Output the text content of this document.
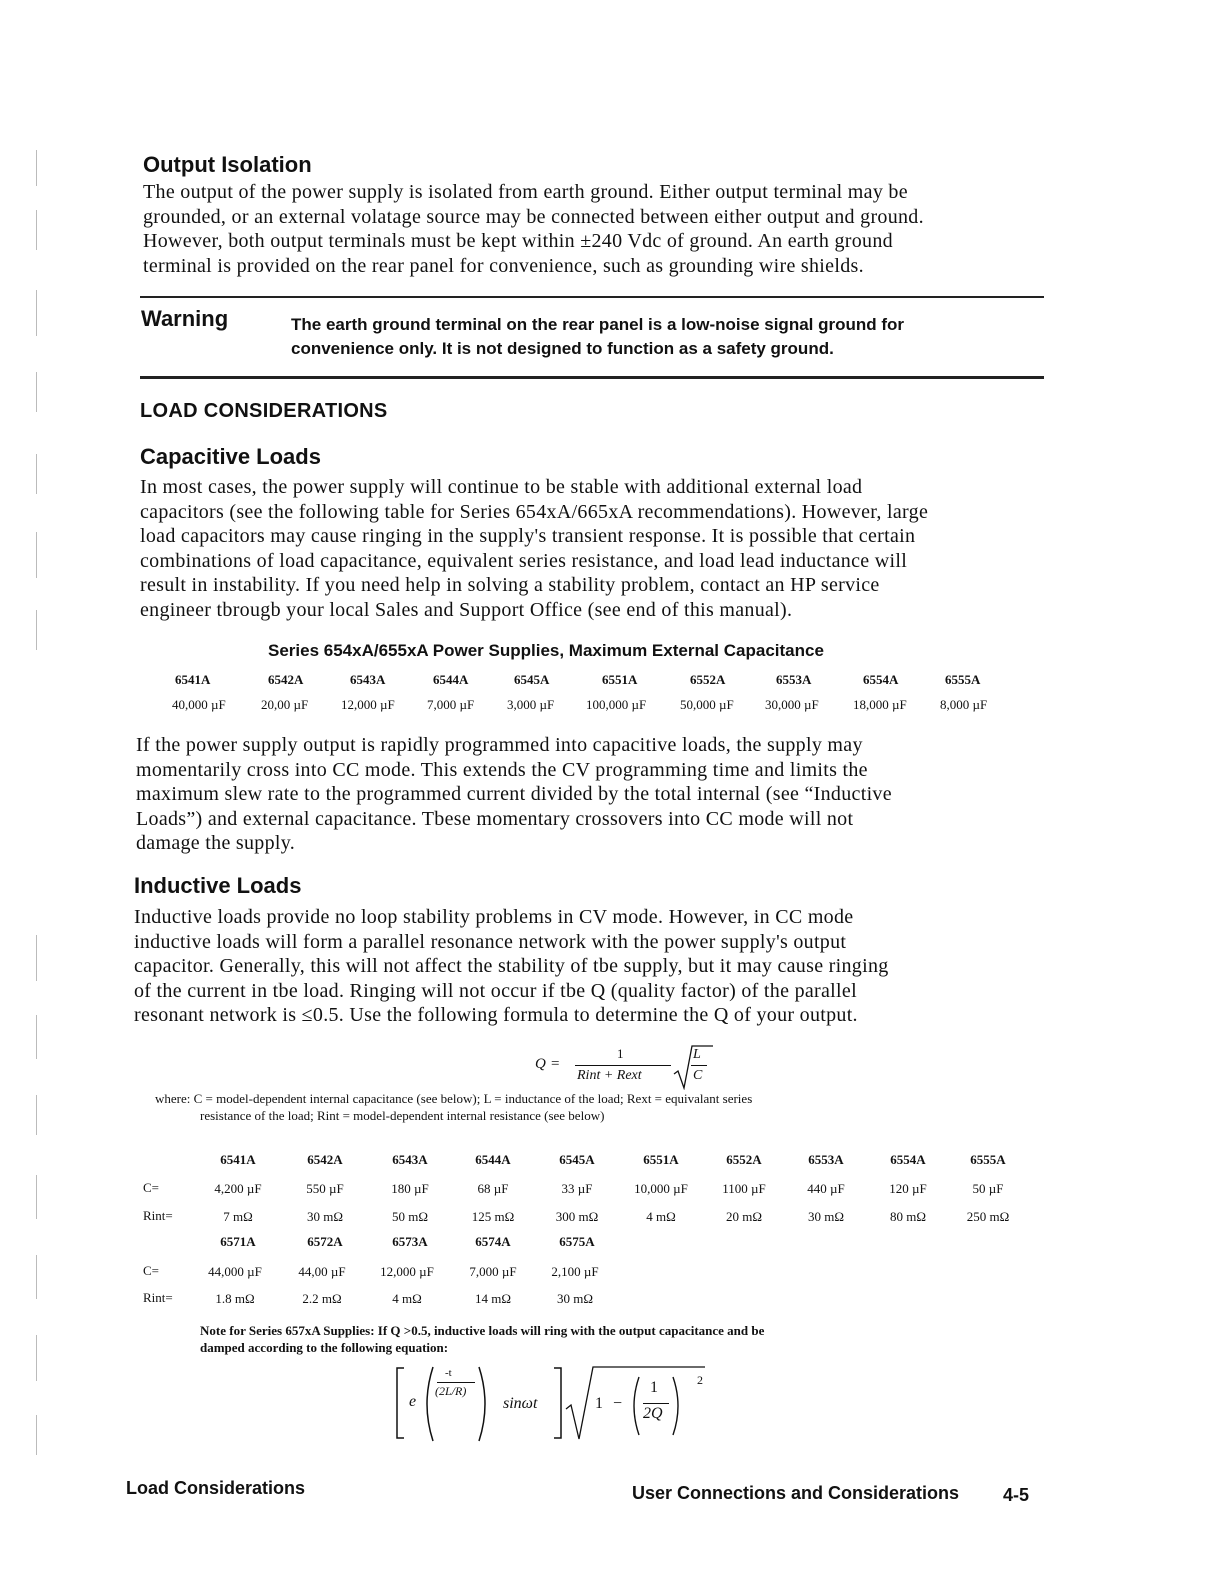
Output Isolation

The output of the power supply is isolated from earth ground. Either output terminal may be

grounded, or an external volatage source may be connected between either output and ground.

However, both output terminals must be kept within ±240 Vdc of ground. An earth ground

terminal is provided on the rear panel for convenience, such as grounding wire shields.

Warning	The earth ground terminal on the rear panel is a low-noise signal ground for
convenience only. It is not designed to function as a safety ground.
LOAD CONSIDERATIONS
Capacitive Loads

In most cases, the power supply will continue to be stable with additional external load

capacitors (see the following table for Series 654xA/665xA recommendations). However, large

load capacitors may cause ringing in the supply's transient response. It is possible that certain

combinations of load capacitance, equivalent series resistance, and load lead inductance will

result in instability. If you need help in solving a stability problem, contact an HP service

engineer tbrougb your local Sales and Support Office (see end of this manual).

Series 654xA/655xA Power Supplies, Maximum External Capacitance
6541A	6542A	6543A	6544A	6545A	6551A	6552A	6553A	6554A	6555A
40,000 µF	20,00 µF	12,000 µF 7,000 µF	3,000 µF 100,000 µF	50,000 µF 30,000 µF	18,000 µF	8,000 µF

If the power supply output is rapidly programmed into capacitive loads, the supply may

momentarily cross into CC mode. This extends the CV programming time and limits the

maximum slew rate to the programmed current divided by the total internal (see “Inductive

Loads”) and external capacitance. Tbese momentary crossovers into CC mode will not

damage the supply.

Inductive Loads

Inductive loads provide no loop stability problems in CV mode. However, in CC mode

inductive loads will form a parallel resonance network with the power supply's output

capacitor. Generally, this will not affect the stability of tbe supply, but it may cause ringing

of the current in tbe load. Ringing will not occur if tbe Q (quality factor) of the parallel

resonant network is ≤0.5. Use the following formula to determine the Q of your output.

Q =
1
Rint + Rext
L
C
where: C = model-dependent internal capacitance (see below); L = inductance of the load; Rext = equivalant series
resistance of the load; Rint = model-dependent internal resistance (see below)
6541A	6542A	6543A	6544A	6545A	6551A	6552A	6553A	6554A	6555A
C=	4,200 µF	550 µF	180 µF	68 µF	33 µF	10,000 µF	1100 µF	440 µF	120 µF	50 µF
Rint=	7 mΩ	30 mΩ	50 mΩ	125 mΩ	300 mΩ	4 mΩ	20 mΩ	30 mΩ	80 mΩ	250 mΩ
6571A	6572A	6573A	6574A	6575A
C=	44,000 µF	44,00 µF	12,000 µF	7,000 µF	2,100 µF
Rint=	1.8 mΩ	2.2 mΩ	4 mΩ	14 mΩ	30 mΩ
Note for Series 657xA Supplies: If Q >0.5, inductive loads will ring with the output capacitance and be
damped according to the following equation:
e
-t
(2L/R)
sinωt	1 −
1
2Q
2
Load Considerations	User Connections and Considerations 4-5
